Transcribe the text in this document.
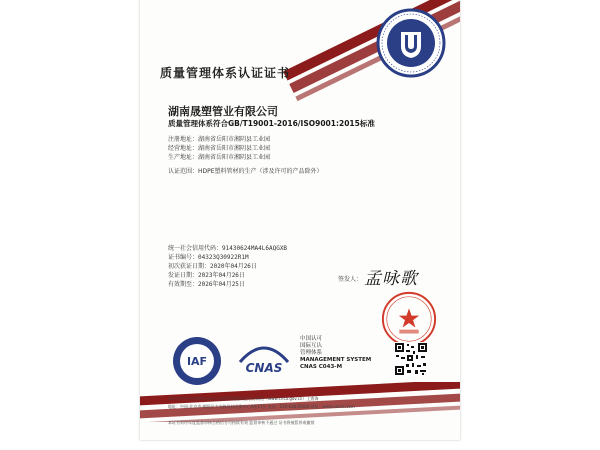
质量管理体系认证证书
湖南晟塑管业有限公司
质量管理体系符合GB/T19001-2016/ISO9001:2015标准
注册地址：湖南省岳阳市湘阴县工业园
经营地址：湖南省岳阳市湘阴县工业园
生产地址：湖南省岳阳市湘阴县工业园
认证范围：HDPE塑料管材的生产（涉及许可的产品除外）
统一社会信用代码：91430624MA4L6AQGXB
证书编号：04323Q30922R1M
初次获证日期：2020年04月26日
发证日期：2023年04月26日
有效期至：2026年04月25日
签发人： 孟咏歌
IAF	CNAS
中国认可
国际互认
管理体系
MANAGEMENT SYSTEM
CNAS C043-M
本证书信息可在国家认证认可监督管理委员会官方网站（www.cnca.gov.cn）上查询
地址：中国·北京市·朝阳区大屯路风林西奥中心A座17层 电话：010-64830008 网址：www.uacoc.com
本证书须经年度监督审核合格后方可持续有效 监督审核不通过 证书将被暂停或撤销
